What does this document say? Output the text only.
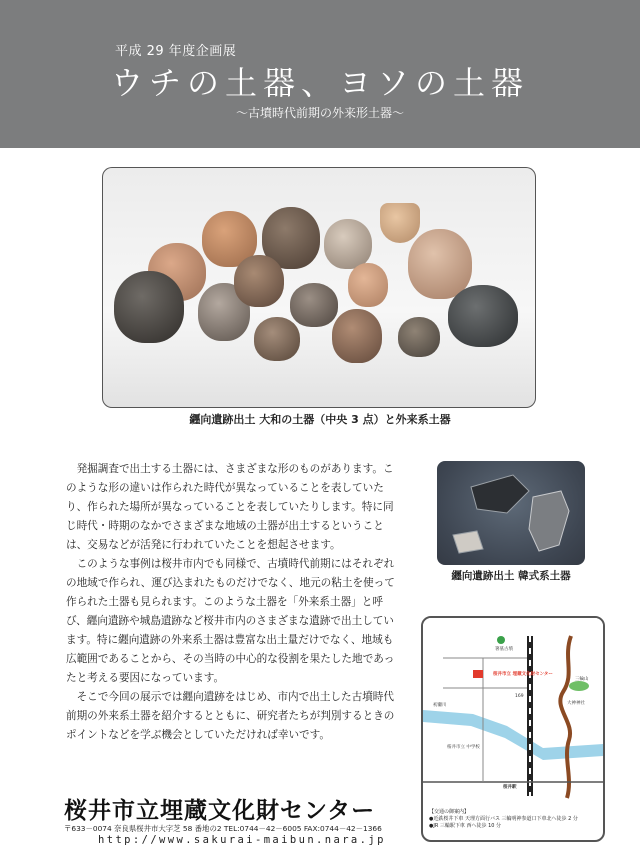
平成 29 年度企画展
ウチの土器、ヨソの土器
〜古墳時代前期の外来形土器〜
纒向遺跡出土 大和の土器（中央 3 点）と外来系土器

発掘調査で出土する土器には、さまざまな形のものがあります。このような形の違いは作られた時代が異なっていることを表していたり、作られた場所が異なっていることを表していたりします。特に同じ時代・時期のなかでさまざまな地域の土器が出土するということは、交易などが活発に行われていたことを想起させます。

このような事例は桜井市内でも同様で、古墳時代前期にはそれぞれの地域で作られ、運び込まれたものだけでなく、地元の粘土を使って作られた土器も見られます。このような土器を「外来系土器」と呼び、纒向遺跡や城島遺跡など桜井市内のさまざまな遺跡で出土しています。特に纒向遺跡の外来系土器は豊富な出土量だけでなく、地域も広範囲であることから、その当時の中心的な役割を果たした地であったと考える要因になっています。

そこで今回の展示では纒向遺跡をはじめ、市内で出土した古墳時代前期の外来系土器を紹介するとともに、研究者たちが判別するときのポイントなどを学ぶ機会としていただければ幸いです。

纒向遺跡出土 韓式系土器
桜井市立 埋蔵文化財センター
箸墓古墳
大神神社
三輪山
桜井駅
169
桜井市立 中学校
初瀬川
【交通の御案内】
●近鉄桜井下車 天理方面行バス 三輪明神参道口下車北へ徒歩 2 分
●JR 三輪駅下車 西へ徒歩 10 分
桜井市立埋蔵文化財センター
〒633－0074 奈良県桜井市大字芝 58 番地の2 TEL:0744－42－6005 FAX:0744－42－1366
http://www.sakurai-maibun.nara.jp
